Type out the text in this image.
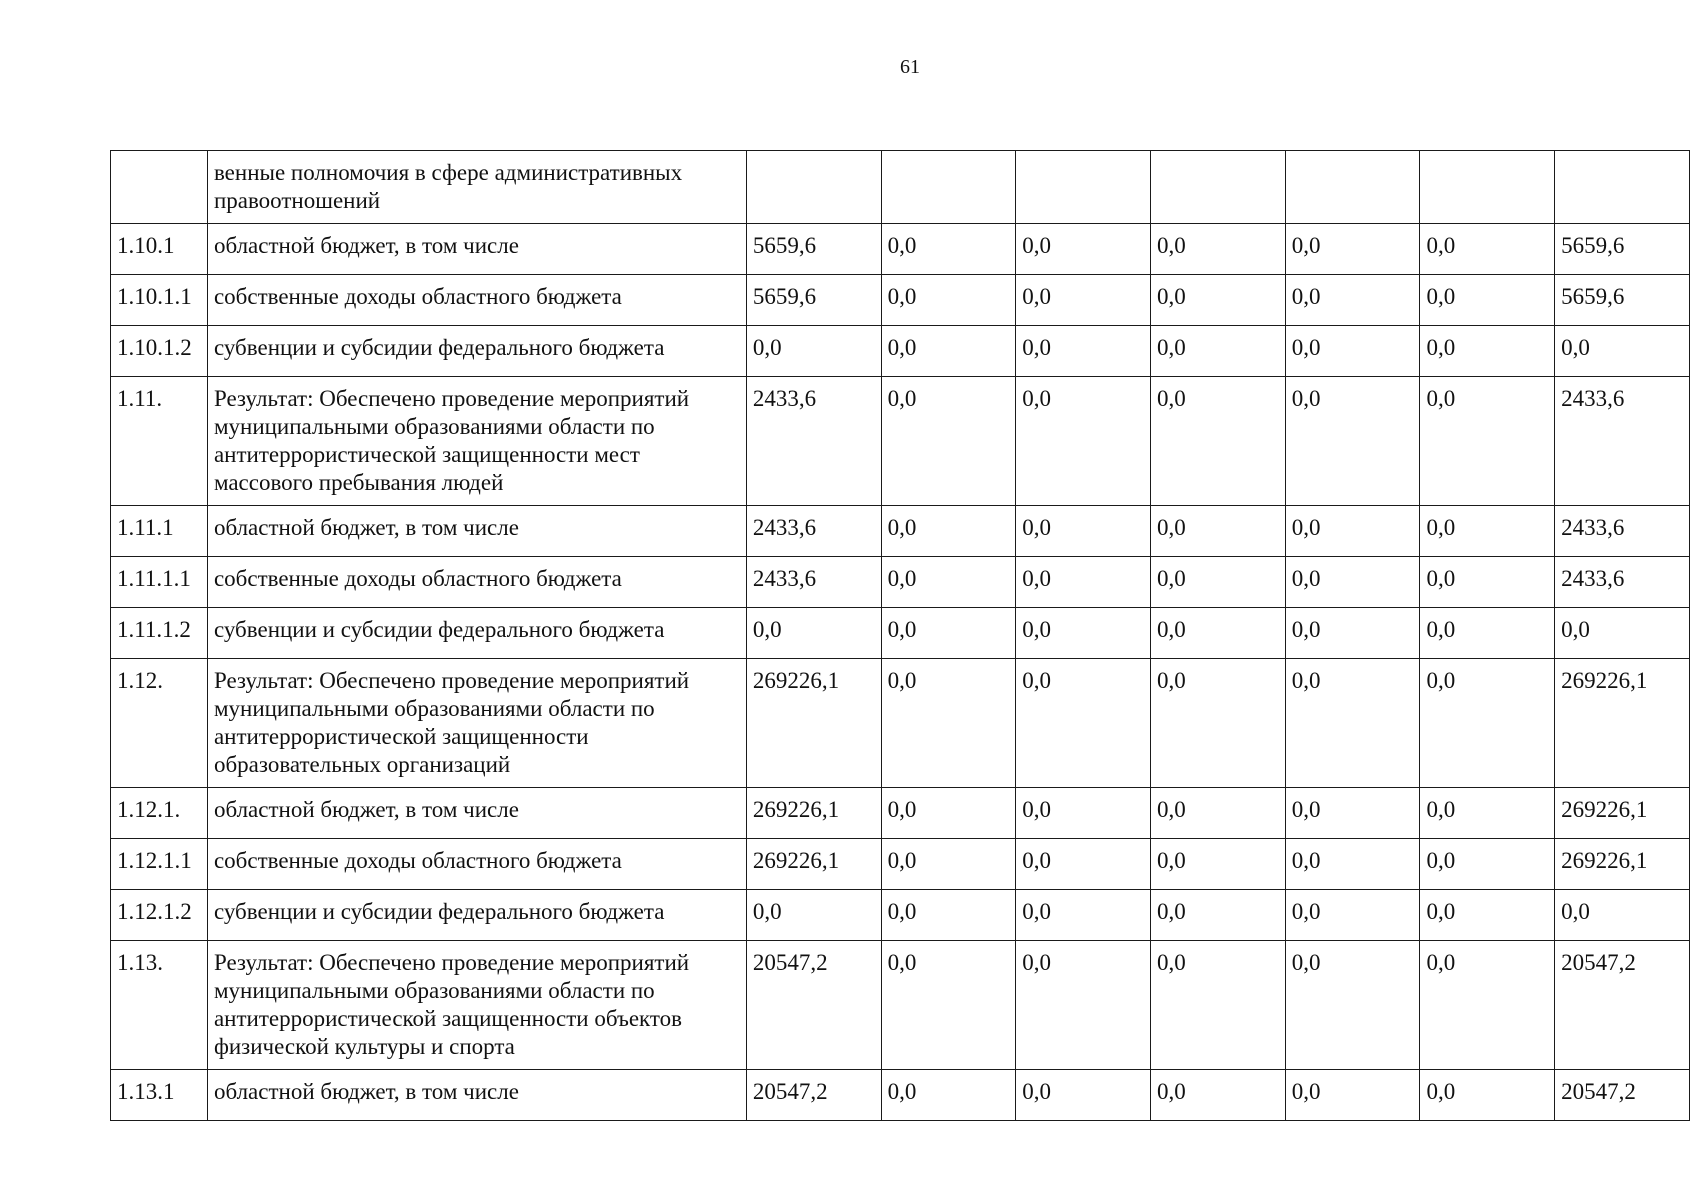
61
	венные полномочия в сфере административных правоотношений							
1.10.1	областной бюджет, в том числе	5659,6	0,0	0,0	0,0	0,0	0,0	5659,6
1.10.1.1	собственные доходы областного бюджета	5659,6	0,0	0,0	0,0	0,0	0,0	5659,6
1.10.1.2	субвенции и субсидии федерального бюджета	0,0	0,0	0,0	0,0	0,0	0,0	0,0
1.11.	Результат: Обеспечено проведение мероприятий муниципальными образованиями области по антитеррористической защищенности мест массового пребывания людей	2433,6	0,0	0,0	0,0	0,0	0,0	2433,6
1.11.1	областной бюджет, в том числе	2433,6	0,0	0,0	0,0	0,0	0,0	2433,6
1.11.1.1	собственные доходы областного бюджета	2433,6	0,0	0,0	0,0	0,0	0,0	2433,6
1.11.1.2	субвенции и субсидии федерального бюджета	0,0	0,0	0,0	0,0	0,0	0,0	0,0
1.12.	Результат: Обеспечено проведение мероприятий муниципальными образованиями области по антитеррористической защищенности образовательных организаций	269226,1	0,0	0,0	0,0	0,0	0,0	269226,1
1.12.1.	областной бюджет, в том числе	269226,1	0,0	0,0	0,0	0,0	0,0	269226,1
1.12.1.1	собственные доходы областного бюджета	269226,1	0,0	0,0	0,0	0,0	0,0	269226,1
1.12.1.2	субвенции и субсидии федерального бюджета	0,0	0,0	0,0	0,0	0,0	0,0	0,0
1.13.	Результат: Обеспечено проведение мероприятий муниципальными образованиями области по антитеррористической защищенности объектов физической культуры и спорта	20547,2	0,0	0,0	0,0	0,0	0,0	20547,2
1.13.1	областной бюджет, в том числе	20547,2	0,0	0,0	0,0	0,0	0,0	20547,2
